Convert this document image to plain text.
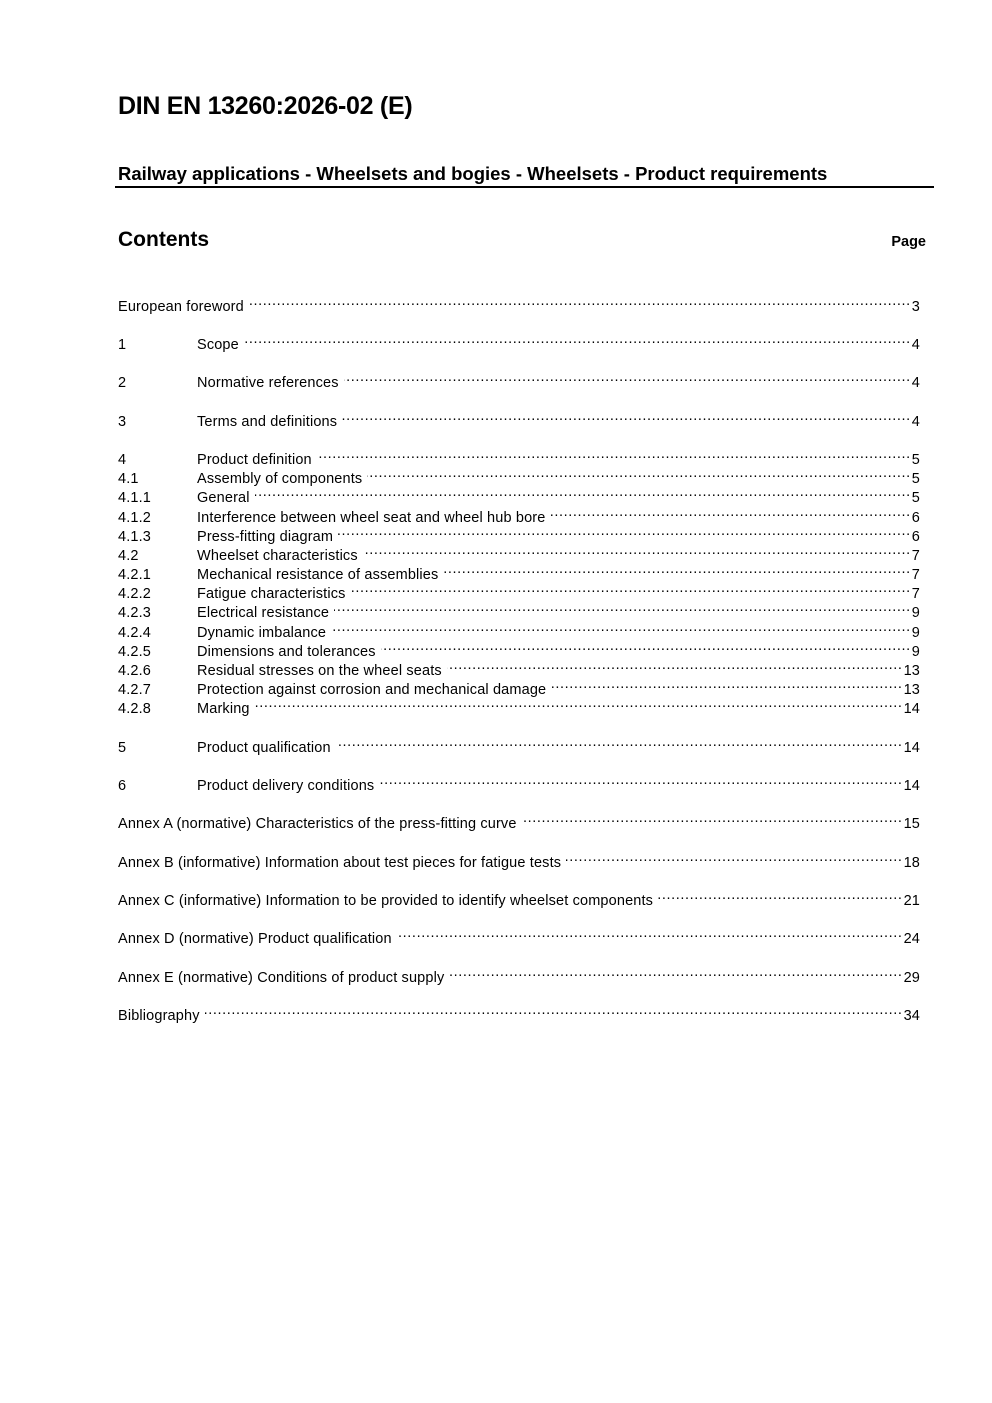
DIN EN 13260:2026-02 (E)
Railway applications - Wheelsets and bogies - Wheelsets - Product requirements
Contents	Page
European foreword .....	3
1	Scope .....	4
2	Normative references .....	4
3	Terms and definitions .....	4
4	Product definition .....	5
4.1	Assembly of components .....	5
4.1.1	General .....	5
4.1.2	Interference between wheel seat and wheel hub bore .....	6
4.1.3	Press-fitting diagram .....	6
4.2	Wheelset characteristics .....	7
4.2.1	Mechanical resistance of assemblies .....	7
4.2.2	Fatigue characteristics .....	7
4.2.3	Electrical resistance .....	9
4.2.4	Dynamic imbalance .....	9
4.2.5	Dimensions and tolerances .....	9
4.2.6	Residual stresses on the wheel seats .....	13
4.2.7	Protection against corrosion and mechanical damage .....	13
4.2.8	Marking .....	14
5	Product qualification .....	14
6	Product delivery conditions .....	14
Annex A (normative) Characteristics of the press-fitting curve .....	15
Annex B (informative) Information about test pieces for fatigue tests .....	18
Annex C (informative) Information to be provided to identify wheelset components .....	21
Annex D (normative) Product qualification .....	24
Annex E (normative) Conditions of product supply .....	29
Bibliography .....	34
